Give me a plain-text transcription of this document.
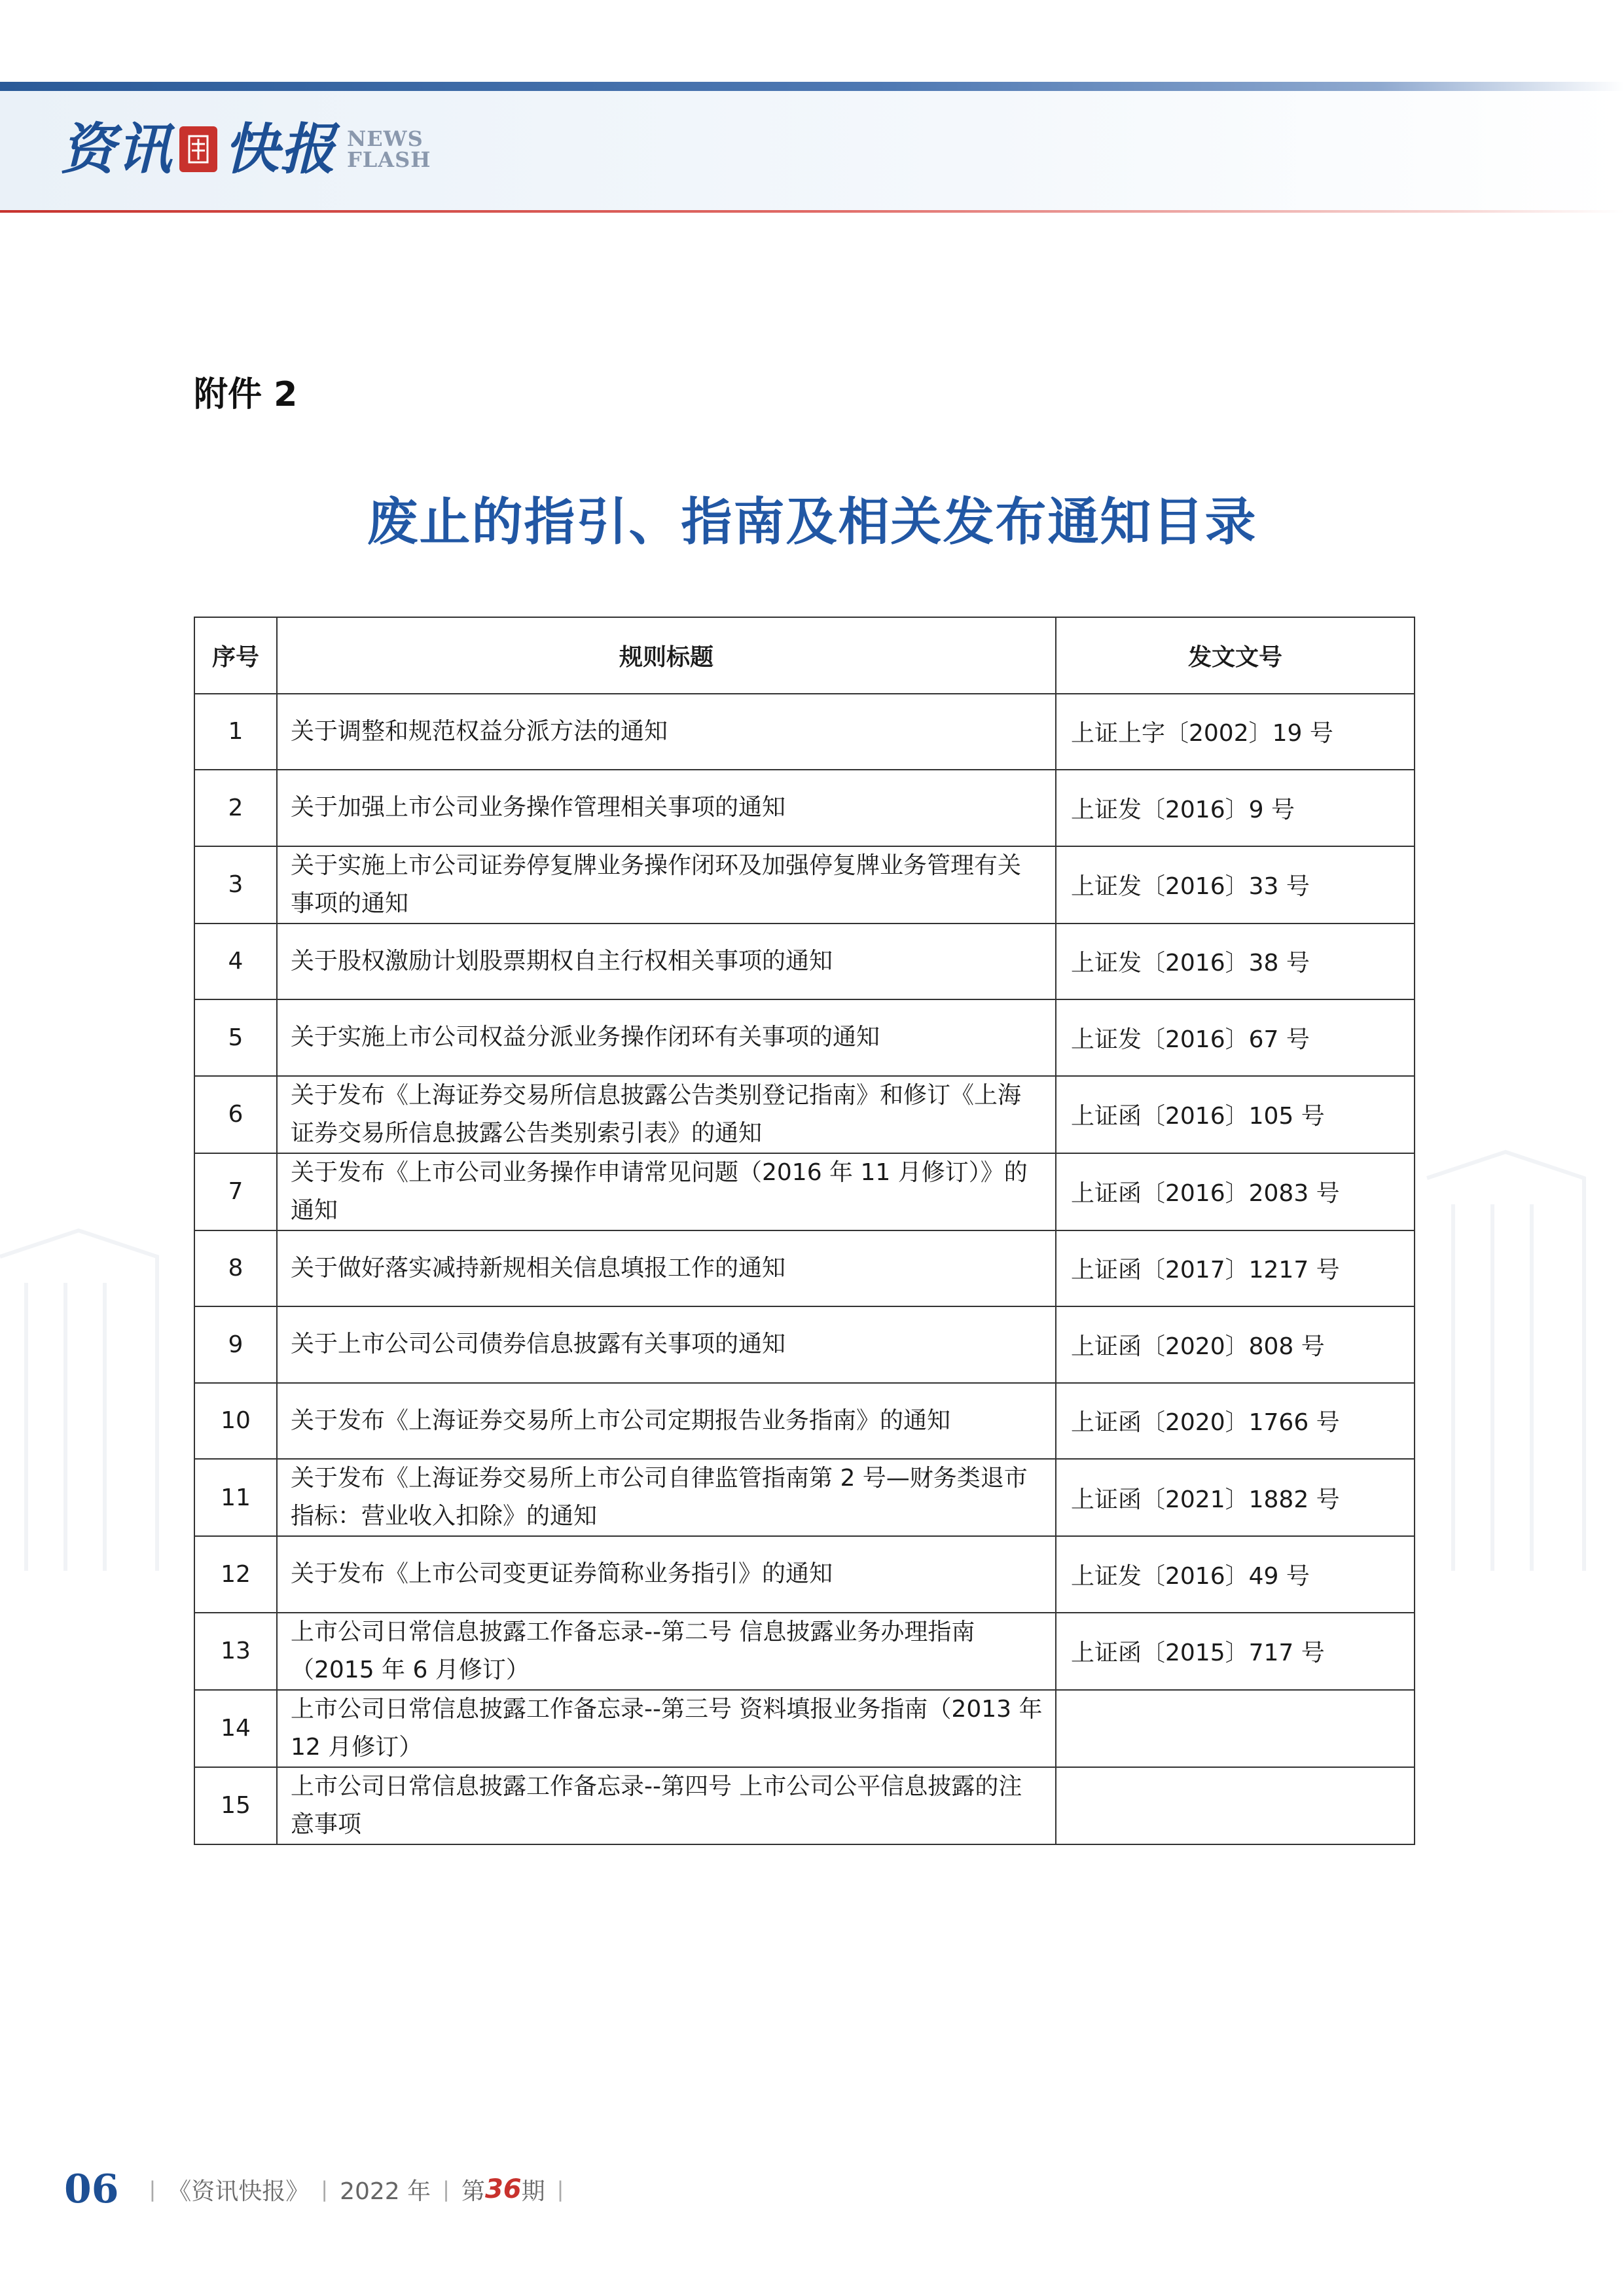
资讯 快报 NEWS
FLASH
附件 2
废止的指引、指南及相关发布通知目录
序号	规则标题	发文文号
1	关于调整和规范权益分派方法的通知	上证上字〔2002〕19 号
2	关于加强上市公司业务操作管理相关事项的通知	上证发〔2016〕9 号
3	关于实施上市公司证券停复牌业务操作闭环及加强停复牌业务管理有关事项的通知	上证发〔2016〕33 号
4	关于股权激励计划股票期权自主行权相关事项的通知	上证发〔2016〕38 号
5	关于实施上市公司权益分派业务操作闭环有关事项的通知	上证发〔2016〕67 号
6	关于发布《上海证券交易所信息披露公告类别登记指南》和修订《上海证券交易所信息披露公告类别索引表》的通知	上证函〔2016〕105 号
7	关于发布《上市公司业务操作申请常见问题（2016 年 11 月修订）》的通知	上证函〔2016〕2083 号
8	关于做好落实减持新规相关信息填报工作的通知	上证函〔2017〕1217 号
9	关于上市公司公司债券信息披露有关事项的通知	上证函〔2020〕808 号
10	关于发布《上海证券交易所上市公司定期报告业务指南》的通知	上证函〔2020〕1766 号
11	关于发布《上海证券交易所上市公司自律监管指南第 2 号—财务类退市指标：营业收入扣除》的通知	上证函〔2021〕1882 号
12	关于发布《上市公司变更证券简称业务指引》的通知	上证发〔2016〕49 号
13	上市公司日常信息披露工作备忘录--第二号 信息披露业务办理指南 （2015 年 6 月修订）	上证函〔2015〕717 号
14	上市公司日常信息披露工作备忘录--第三号 资料填报业务指南（2013 年 12 月修订）	
15	上市公司日常信息披露工作备忘录--第四号 上市公司公平信息披露的注意事项	
06 | 《资讯快报》 | 2022 年 | 第 36 期 |
